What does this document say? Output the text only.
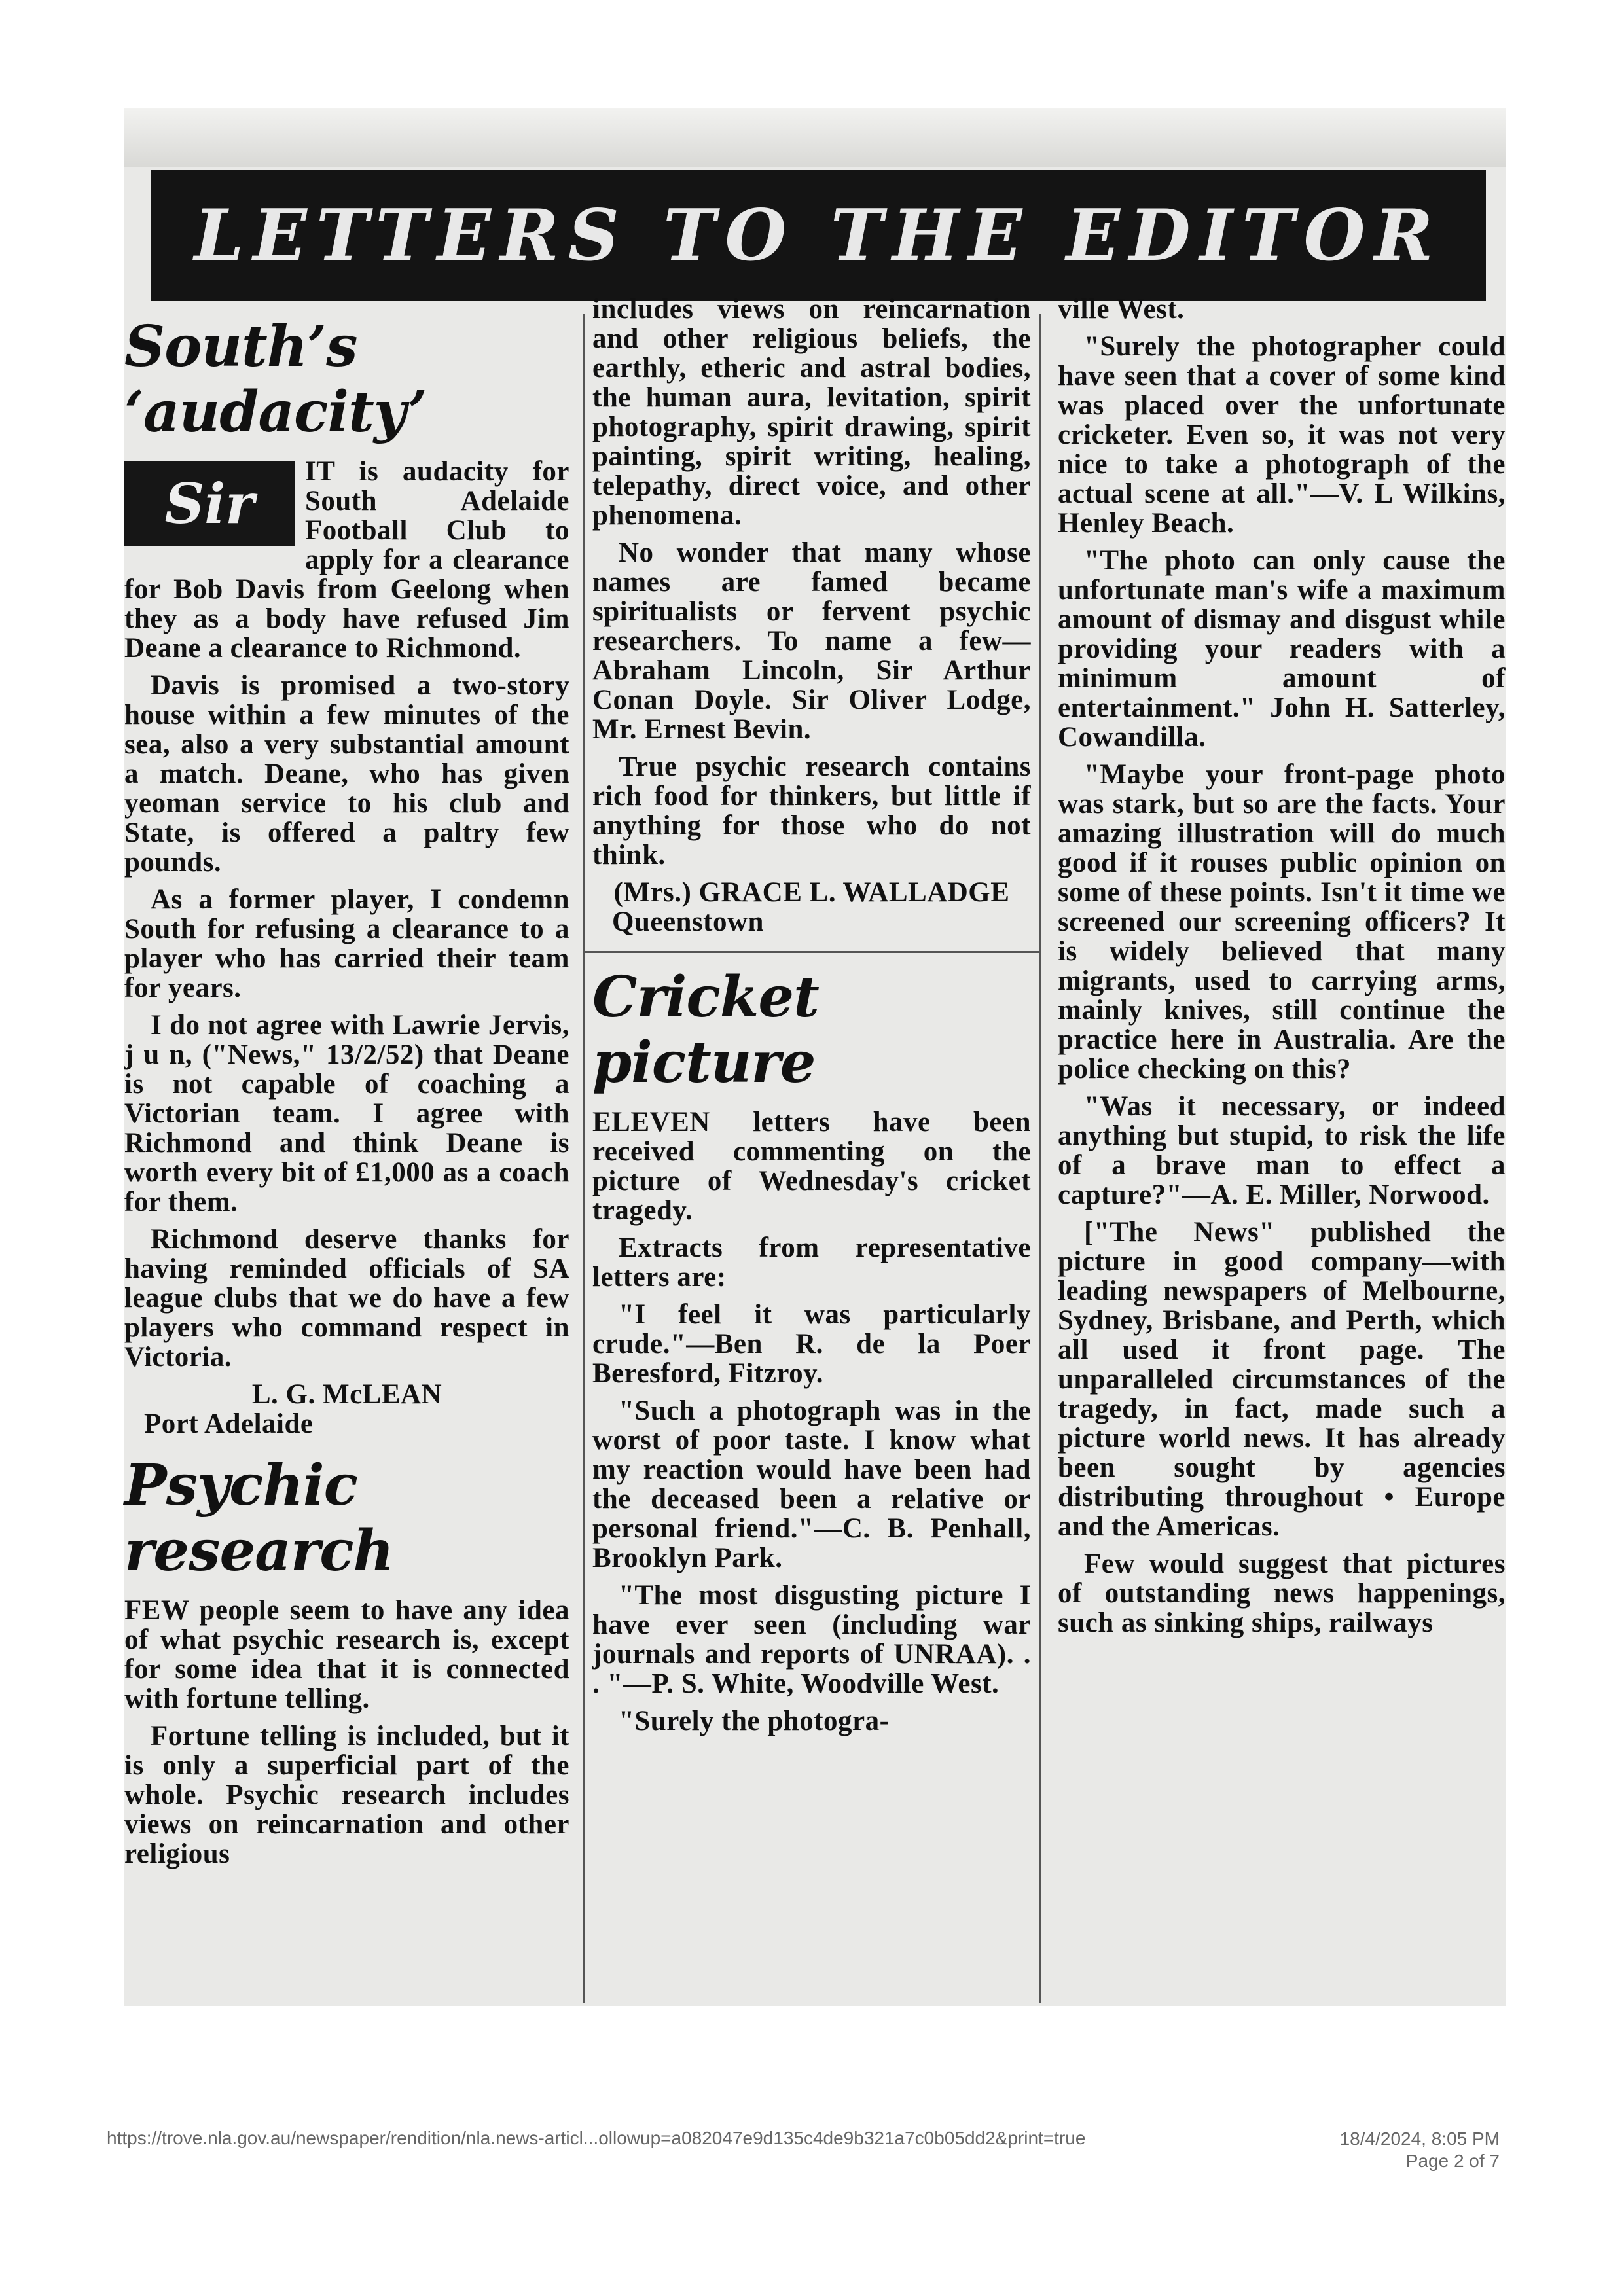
LETTERS TO THE EDITOR
South’s ‘audacity’
Sir	IT is audacity for South Adelaide Football Club to apply for a clearance for Bob Davis from Geelong when they as a body have refused Jim Deane a clearance to Richmond.

Davis is promised a two-story house within a few minutes of the sea, also a very substantial amount a match. Deane, who has given yeoman service to his club and State, is offered a paltry few pounds.

As a former player, I condemn South for refusing a clearance to a player who has carried their team for years.

I do not agree with Lawrie Jervis, j u n, ("News," 13/2/52) that Deane is not capable of coaching a Victorian team. I agree with Richmond and think Deane is worth every bit of £1,000 as a coach for them.

Richmond deserve thanks for having reminded officials of SA league clubs that we do have a few players who command respect in Victoria.

L. G. McLEAN

Port Adelaide

Psychic research

FEW people seem to have any idea of what psychic research is, except for some idea that it is connected with fortune telling.

Fortune telling is included, but it is only a superficial part of the whole. Psychic research includes views on reincarnation and other religious

includes views on reincarnation and other religious beliefs, the earthly, etheric and astral bodies, the human aura, levitation, spirit photography, spirit drawing, spirit painting, spirit writing, healing, telepathy, direct voice, and other phenomena.

No wonder that many whose names are famed became spiritualists or fervent psychic researchers. To name a few—Abraham Lincoln, Sir Arthur Conan Doyle. Sir Oliver Lodge, Mr. Ernest Bevin.

True psychic research contains rich food for thinkers, but little if anything for those who do not think.

(Mrs.) GRACE L. WALLADGE

Queenstown

Cricket picture

ELEVEN letters have been received commenting on the picture of Wednesday's cricket tragedy.

Extracts from representative letters are:

"I feel it was particularly crude."—Ben R. de la Poer Beresford, Fitzroy.

"Such a photograph was in the worst of poor taste. I know what my reaction would have been had the deceased been a relative or personal friend."—C. B. Penhall, Brooklyn Park.

"The most disgusting picture I have ever seen (including war journals and reports of UNRAA). . . "—P. S. White, Woodville West.

"Surely the photogra-

ville West.

"Surely the photographer could have seen that a cover of some kind was placed over the unfortunate cricketer. Even so, it was not very nice to take a photograph of the actual scene at all."—V. L Wilkins, Henley Beach.

"The photo can only cause the unfortunate man's wife a maximum amount of dismay and disgust while providing your readers with a minimum amount of entertainment." John H. Satterley, Cowandilla.

"Maybe your front-page photo was stark, but so are the facts. Your amazing illustration will do much good if it rouses public opinion on some of these points. Isn't it time we screened our screening officers? It is widely believed that many migrants, used to carrying arms, mainly knives, still continue the practice here in Australia. Are the police checking on this?

"Was it necessary, or indeed anything but stupid, to risk the life of a brave man to effect a capture?"—A. E. Miller, Norwood.

["The News" published the picture in good company—with leading newspapers of Melbourne, Sydney, Brisbane, and Perth, which all used it front page. The unparalleled circumstances of the tragedy, in fact, made such a picture world news. It has already been sought by agencies distributing throughout • Europe and the Americas.

Few would suggest that pictures of outstanding news happenings, such as sinking ships, railways

https://trove.nla.gov.au/newspaper/rendition/nla.news-articl...ollowup=a082047e9d135c4de9b321a7c0b05dd2&print=true	18/4/2024, 8:05 PM
Page 2 of 7
